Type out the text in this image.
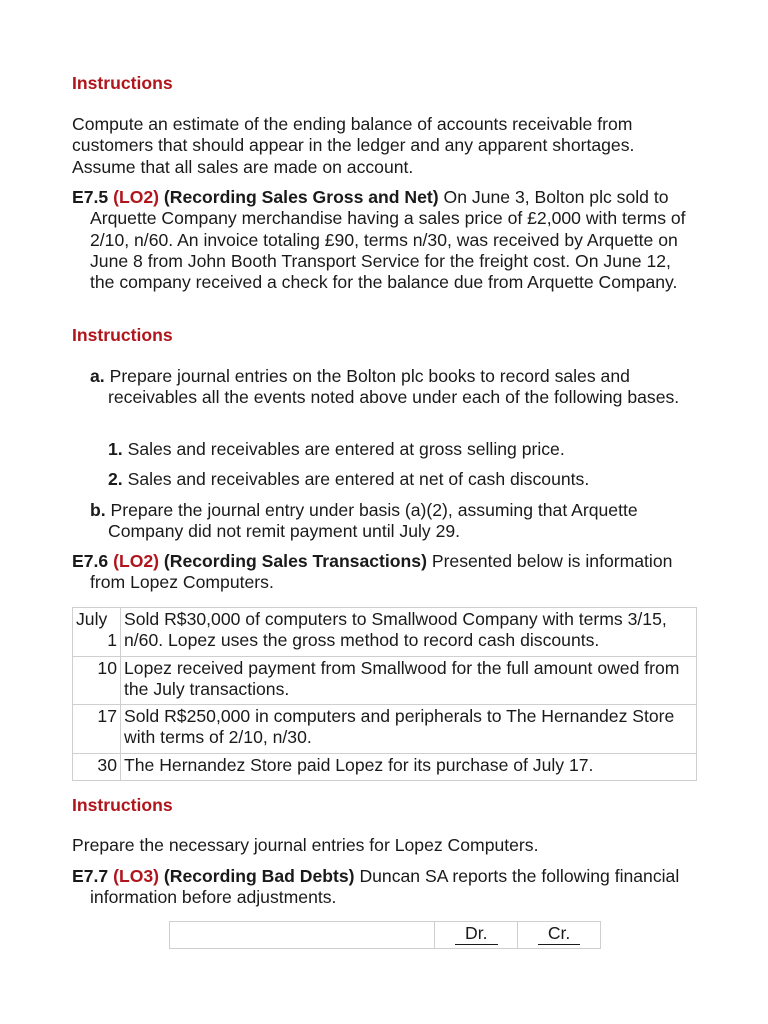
Instructions

Compute an estimate of the ending balance of accounts receivable from customers that should appear in the ledger and any apparent shortages. Assume that all sales are made on account.

E7.5 (LO2) (Recording Sales Gross and Net) On June 3, Bolton plc sold to Arquette Company merchandise having a sales price of £2,000 with terms of 2/10, n/60. An invoice totaling £90, terms n/30, was received by Arquette on June 8 from John Booth Transport Service for the freight cost. On June 12, the company received a check for the balance due from Arquette Company.

Instructions

a. Prepare journal entries on the Bolton plc books to record sales and receivables all the events noted above under each of the following bases.

1. Sales and receivables are entered at gross selling price.

2. Sales and receivables are entered at net of cash discounts.

b. Prepare the journal entry under basis (a)(2), assuming that Arquette Company did not remit payment until July 29.

E7.6 (LO2) (Recording Sales Transactions) Presented below is information from Lopez Computers.

July
1	Sold R$30,000 of computers to Smallwood Company with terms 3/15, n/60. Lopez uses the gross method to record cash discounts.
10	Lopez received payment from Smallwood for the full amount owed from the July transactions.
17	Sold R$250,000 in computers and peripherals to The Hernandez Store with terms of 2/10, n/30.
30	The Hernandez Store paid Lopez for its purchase of July 17.

Instructions

Prepare the necessary journal entries for Lopez Computers.

E7.7 (LO3) (Recording Bad Debts) Duncan SA reports the following financial information before adjustments.

	Dr.	Cr.
